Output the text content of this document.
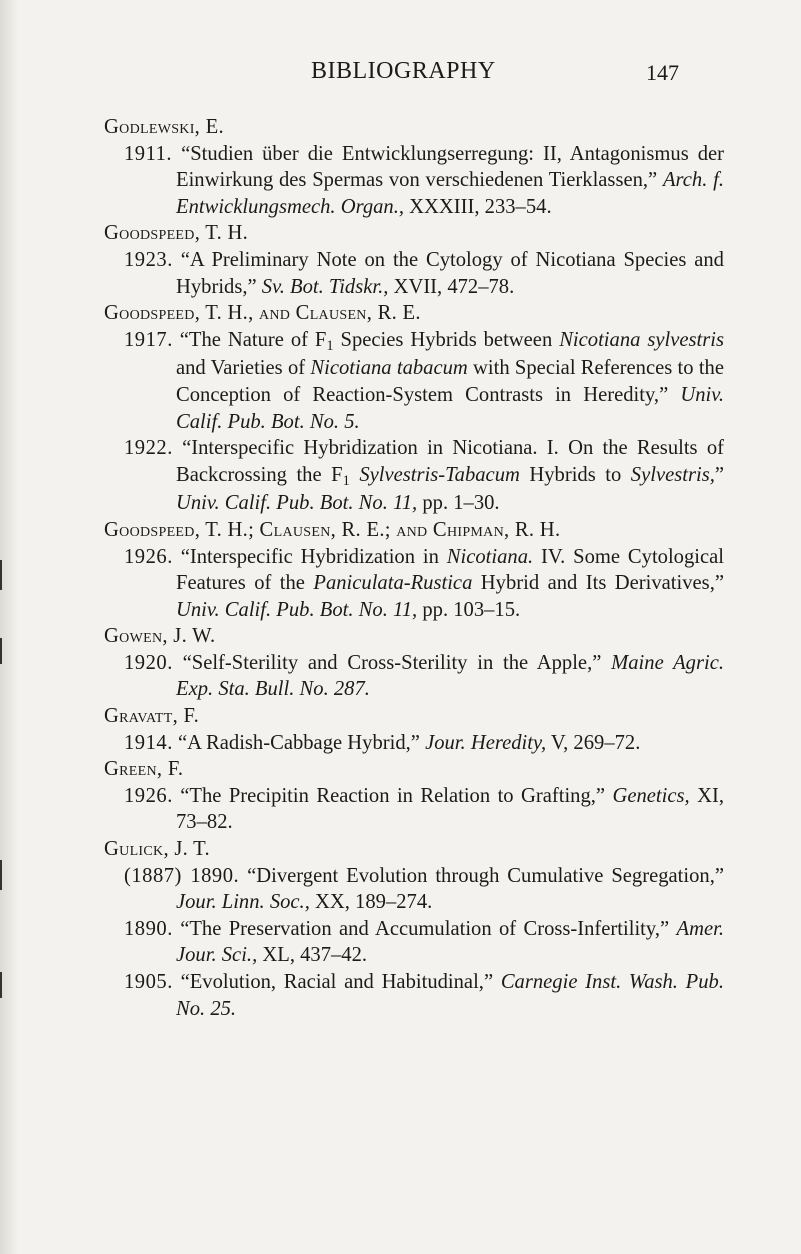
BIBLIOGRAPHY	147

Godlewski, E.

1911. “Studien über die Entwicklungserregung: II, Antagonismus der Einwirkung des Spermas von verschiedenen Tierklassen,” Arch. f. Entwicklungsmech. Organ., XXXIII, 233–54.

Goodspeed, T. H.

1923. “A Preliminary Note on the Cytology of Nicotiana Species and Hybrids,” Sv. Bot. Tidskr., XVII, 472–78.

Goodspeed, T. H., and Clausen, R. E.

1917. “The Nature of F1 Species Hybrids between Nicotiana sylvestris and Varieties of Nicotiana tabacum with Special References to the Conception of Reaction-System Contrasts in Heredity,” Univ. Calif. Pub. Bot. No. 5.

1922. “Interspecific Hybridization in Nicotiana. I. On the Results of Backcrossing the F1 Sylvestris-Tabacum Hybrids to Sylvestris,” Univ. Calif. Pub. Bot. No. 11, pp. 1–30.

Goodspeed, T. H.; Clausen, R. E.; and Chipman, R. H.

1926. “Interspecific Hybridization in Nicotiana. IV. Some Cytological Features of the Paniculata-Rustica Hybrid and Its Derivatives,” Univ. Calif. Pub. Bot. No. 11, pp. 103–15.

Gowen, J. W.

1920. “Self-Sterility and Cross-Sterility in the Apple,” Maine Agric. Exp. Sta. Bull. No. 287.

Gravatt, F.

1914. “A Radish-Cabbage Hybrid,” Jour. Heredity, V, 269–72.

Green, F.

1926. “The Precipitin Reaction in Relation to Grafting,” Genetics, XI, 73–82.

Gulick, J. T.

(1887) 1890. “Divergent Evolution through Cumulative Segregation,” Jour. Linn. Soc., XX, 189–274.

1890. “The Preservation and Accumulation of Cross-Infertility,” Amer. Jour. Sci., XL, 437–42.

1905. “Evolution, Racial and Habitudinal,” Carnegie Inst. Wash. Pub. No. 25.
